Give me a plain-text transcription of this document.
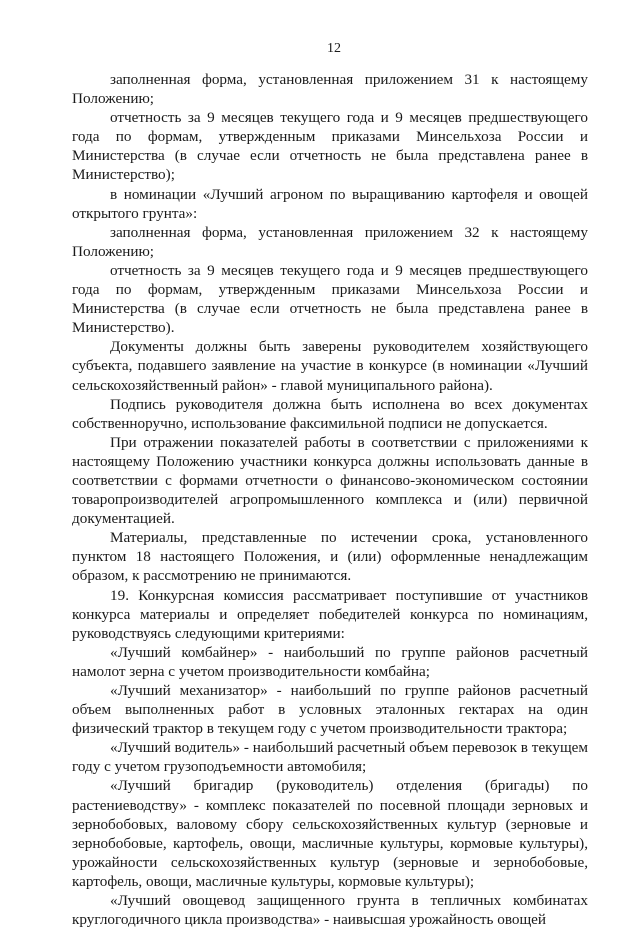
12

заполненная форма, установленная приложением 31 к настоящему Положению;

отчетность за 9 месяцев текущего года и 9 месяцев предшествующего года по формам, утвержденным приказами Минсельхоза России и Министерства (в случае если отчетность не была представлена ранее в Министерство);

в номинации «Лучший агроном по выращиванию картофеля и овощей открытого грунта»:

заполненная форма, установленная приложением 32 к настоящему Положению;

отчетность за 9 месяцев текущего года и 9 месяцев предшествующего года по формам, утвержденным приказами Минсельхоза России и Министерства (в случае если отчетность не была представлена ранее в Министерство).

Документы должны быть заверены руководителем хозяйствующего субъекта, подавшего заявление на участие в конкурсе (в номинации «Лучший сельскохозяйственный район» - главой муниципального района).

Подпись руководителя должна быть исполнена во всех документах собственноручно, использование факсимильной подписи не допускается.

При отражении показателей работы в соответствии с приложениями к настоящему Положению участники конкурса должны использовать данные в соответствии с формами отчетности о финансово-экономическом состоянии товаропроизводителей агропромышленного комплекса и (или) первичной документацией.

Материалы, представленные по истечении срока, установленного пунктом 18 настоящего Положения, и (или) оформленные ненадлежащим образом, к рассмотрению не принимаются.

19. Конкурсная комиссия рассматривает поступившие от участников конкурса материалы и определяет победителей конкурса по номинациям, руководствуясь следующими критериями:

«Лучший комбайнер» - наибольший по группе районов расчетный намолот зерна с учетом производительности комбайна;

«Лучший механизатор» - наибольший по группе районов расчетный объем выполненных работ в условных эталонных гектарах на один физический трактор в текущем году с учетом производительности трактора;

«Лучший водитель» - наибольший расчетный объем перевозок в текущем году с учетом грузоподъемности автомобиля;

«Лучший бригадир (руководитель) отделения (бригады) по растениеводству» - комплекс показателей по посевной площади зерновых и зернобобовых, валовому сбору сельскохозяйственных культур (зерновые и зернобобовые, картофель, овощи, масличные культуры, кормовые культуры), урожайности сельскохозяйственных культур (зерновые и зернобобовые, картофель, овощи, масличные культуры, кормовые культуры);

«Лучший овощевод защищенного грунта в тепличных комбинатах круглогодичного цикла производства» - наивысшая урожайность овощей
